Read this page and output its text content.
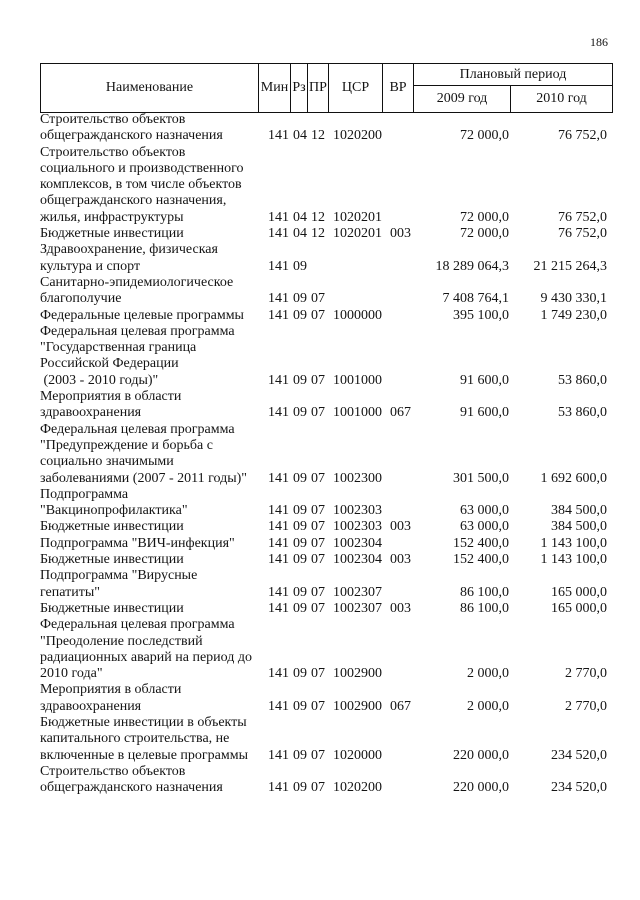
186
Наименование	Мин Рз ПР	ЦСР	ВР
Плановый период
2009 год	2010 год
Строительство объектов
общегражданского назначения	141 04 12 1020200	72 000,0	76 752,0
Строительство объектов
социального и производственного
комплексов, в том числе объектов
общегражданского назначения,
жилья, инфраструктуры	141 04 12 1020201	72 000,0	76 752,0
Бюджетные инвестиции	141 04 12 1020201 003	72 000,0	76 752,0
Здравоохранение, физическая
культура и спорт	141 09	18 289 064,3	21 215 264,3
Санитарно-эпидемиологическое
благополучие	141 09 07	7 408 764,1	9 430 330,1
Федеральные целевые программы	141 09 07 1000000	395 100,0	1 749 230,0
Федеральная целевая программа
"Государственная граница
Российской Федерации
(2003 - 2010 годы)"	141 09 07 1001000	91 600,0	53 860,0
Мероприятия в области
здравоохранения	141 09 07 1001000 067	91 600,0	53 860,0
Федеральная целевая программа
"Предупреждение и борьба с
социально значимыми
заболеваниями (2007 - 2011 годы)"	141 09 07 1002300	301 500,0	1 692 600,0
Подпрограмма
"Вакцинопрофилактика"	141 09 07 1002303	63 000,0	384 500,0
Бюджетные инвестиции	141 09 07 1002303 003	63 000,0	384 500,0
Подпрограмма "ВИЧ-инфекция"	141 09 07 1002304	152 400,0	1 143 100,0
Бюджетные инвестиции	141 09 07 1002304 003	152 400,0	1 143 100,0
Подпрограмма "Вирусные
гепатиты"	141 09 07 1002307	86 100,0	165 000,0
Бюджетные инвестиции	141 09 07 1002307 003	86 100,0	165 000,0
Федеральная целевая программа
"Преодоление последствий
радиационных аварий на период до
2010 года"	141 09 07 1002900	2 000,0	2 770,0
Мероприятия в области
здравоохранения	141 09 07 1002900 067	2 000,0	2 770,0
Бюджетные инвестиции в объекты
капитального строительства, не
включенные в целевые программы	141 09 07 1020000	220 000,0	234 520,0
Строительство объектов
общегражданского назначения	141 09 07 1020200	220 000,0	234 520,0
